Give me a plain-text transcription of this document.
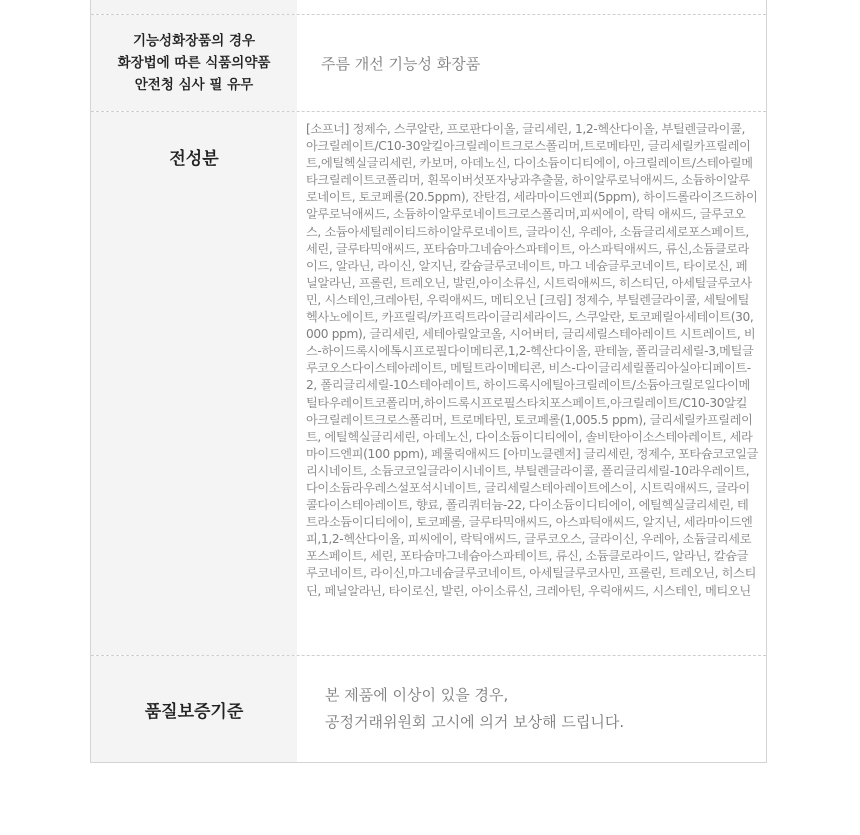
기능성화장품의 경우
화장법에 따른 식품의약품
안전청 심사 필 유무
주름 개선 기능성 화장품
전성분
[소프너] 정제수, 스쿠알란, 프로판다이올, 글리세린, 1,2-헥산다이올, 부틸렌글라이콜, 아크릴레이트/C10-30알킬아크릴레이트크로스폴리머,트로메타민, 글리세릴카프릴레이트,에틸헥실글리세린, 카보머, 아데노신, 다이소듐이디티에이, 아크릴레이트/스테아릴메타크릴레이트코폴리머, 흰목이버섯포자낭과추출물, 하이알루로닉애씨드, 소듐하이알루로네이트, 토코페롤(20.5ppm), 잔탄검, 세라마이드엔피(5ppm), 하이드롤라이즈드하이알루로닉애씨드, 소듐하이알루로네이트크로스폴리머,피씨에이, 락틱 애씨드, 글루코오스, 소듐아세틸레이티드하이알루로네이트, 글라이신, 우레아, 소듐글리세로포스페이트, 세린, 글루타믹애씨드, 포타슘마그네슘아스파테이트, 아스파틱애씨드, 류신,소듐클로라이드, 알라닌, 라이신, 알지닌, 칼슘글루코네이트, 마그 네슘글루코네이트, 타이로신, 페닐알라닌, 프롤린, 트레오닌, 발린,아이소류신, 시트릭애씨드, 히스티딘, 아세틸글루코사민, 시스테인,크레아틴, 우릭애씨드, 메티오닌 [크림] 정제수, 부틸렌글라이콜, 세틸에틸헥사노에이트, 카프릴릭/카프릭트라이글리세라이드, 스쿠알란, 토코페릴아세테이트(30,000 ppm), 글리세린, 세테아릴알코올, 시어버터, 글리세릴스테아레이트 시트레이트, 비스-하이드록시에톡시프로필다이메티콘,1,2-헥산다이올, 판테놀, 폴리글리세릴-3,메틸글루코오스다이스테아레이트, 메틸트라이메티콘, 비스-다이글리세릴폴리아실아디페이트-2, 폴리글리세릴-10스테아레이트, 하이드록시에틸아크릴레이트/소듐아크릴로일다이메틸타우레이트코폴리머,하이드록시프로필스타치포스페이트,아크릴레이트/C10-30알킬아크릴레이트크로스폴리머, 트로메타민, 토코페롤(1,005.5 ppm), 글리세릴카프릴레이트, 에틸헥실글리세린, 아데노신, 다이소듐이디티에이, 솔비탄아이소스테아레이트, 세라마이드엔피(100 ppm), 페룰릭애씨드 [아미노클렌저] 글리세린, 정제수, 포타슘코코일글리시네이트, 소듐코코일글라이시네이트, 부틸렌글라이콜, 폴리글리세릴-10라우레이트, 다이소듐라우레스설포석시네이트, 글리세릴스테아레이트에스이, 시트릭애씨드, 글라이콜다이스테아레이트, 향료, 폴리쿼터늄-22, 다이소듐이디티에이, 에틸헥실글리세린, 테트라소듐이디티에이, 토코페롤, 글루타믹애씨드, 아스파틱애씨드, 알지닌, 세라마이드엔피,1,2-헥산다이올, 피씨에이, 락틱애씨드, 글루코오스, 글라이신, 우레아, 소듐글리세로포스페이트, 세린, 포타슘마그네슘아스파테이트, 류신, 소듐클로라이드, 알라닌, 칼슘글루코네이트, 라이신,마그네슘글루코네이트, 아세틸글루코사민, 프롤린, 트레오닌, 히스티딘, 페닐알라닌, 타이로신, 발린, 아이소류신, 크레아틴, 우릭애씨드, 시스테인, 메티오닌
품질보증기준
본 제품에 이상이 있을 경우,
공정거래위원회 고시에 의거 보상해 드립니다.
